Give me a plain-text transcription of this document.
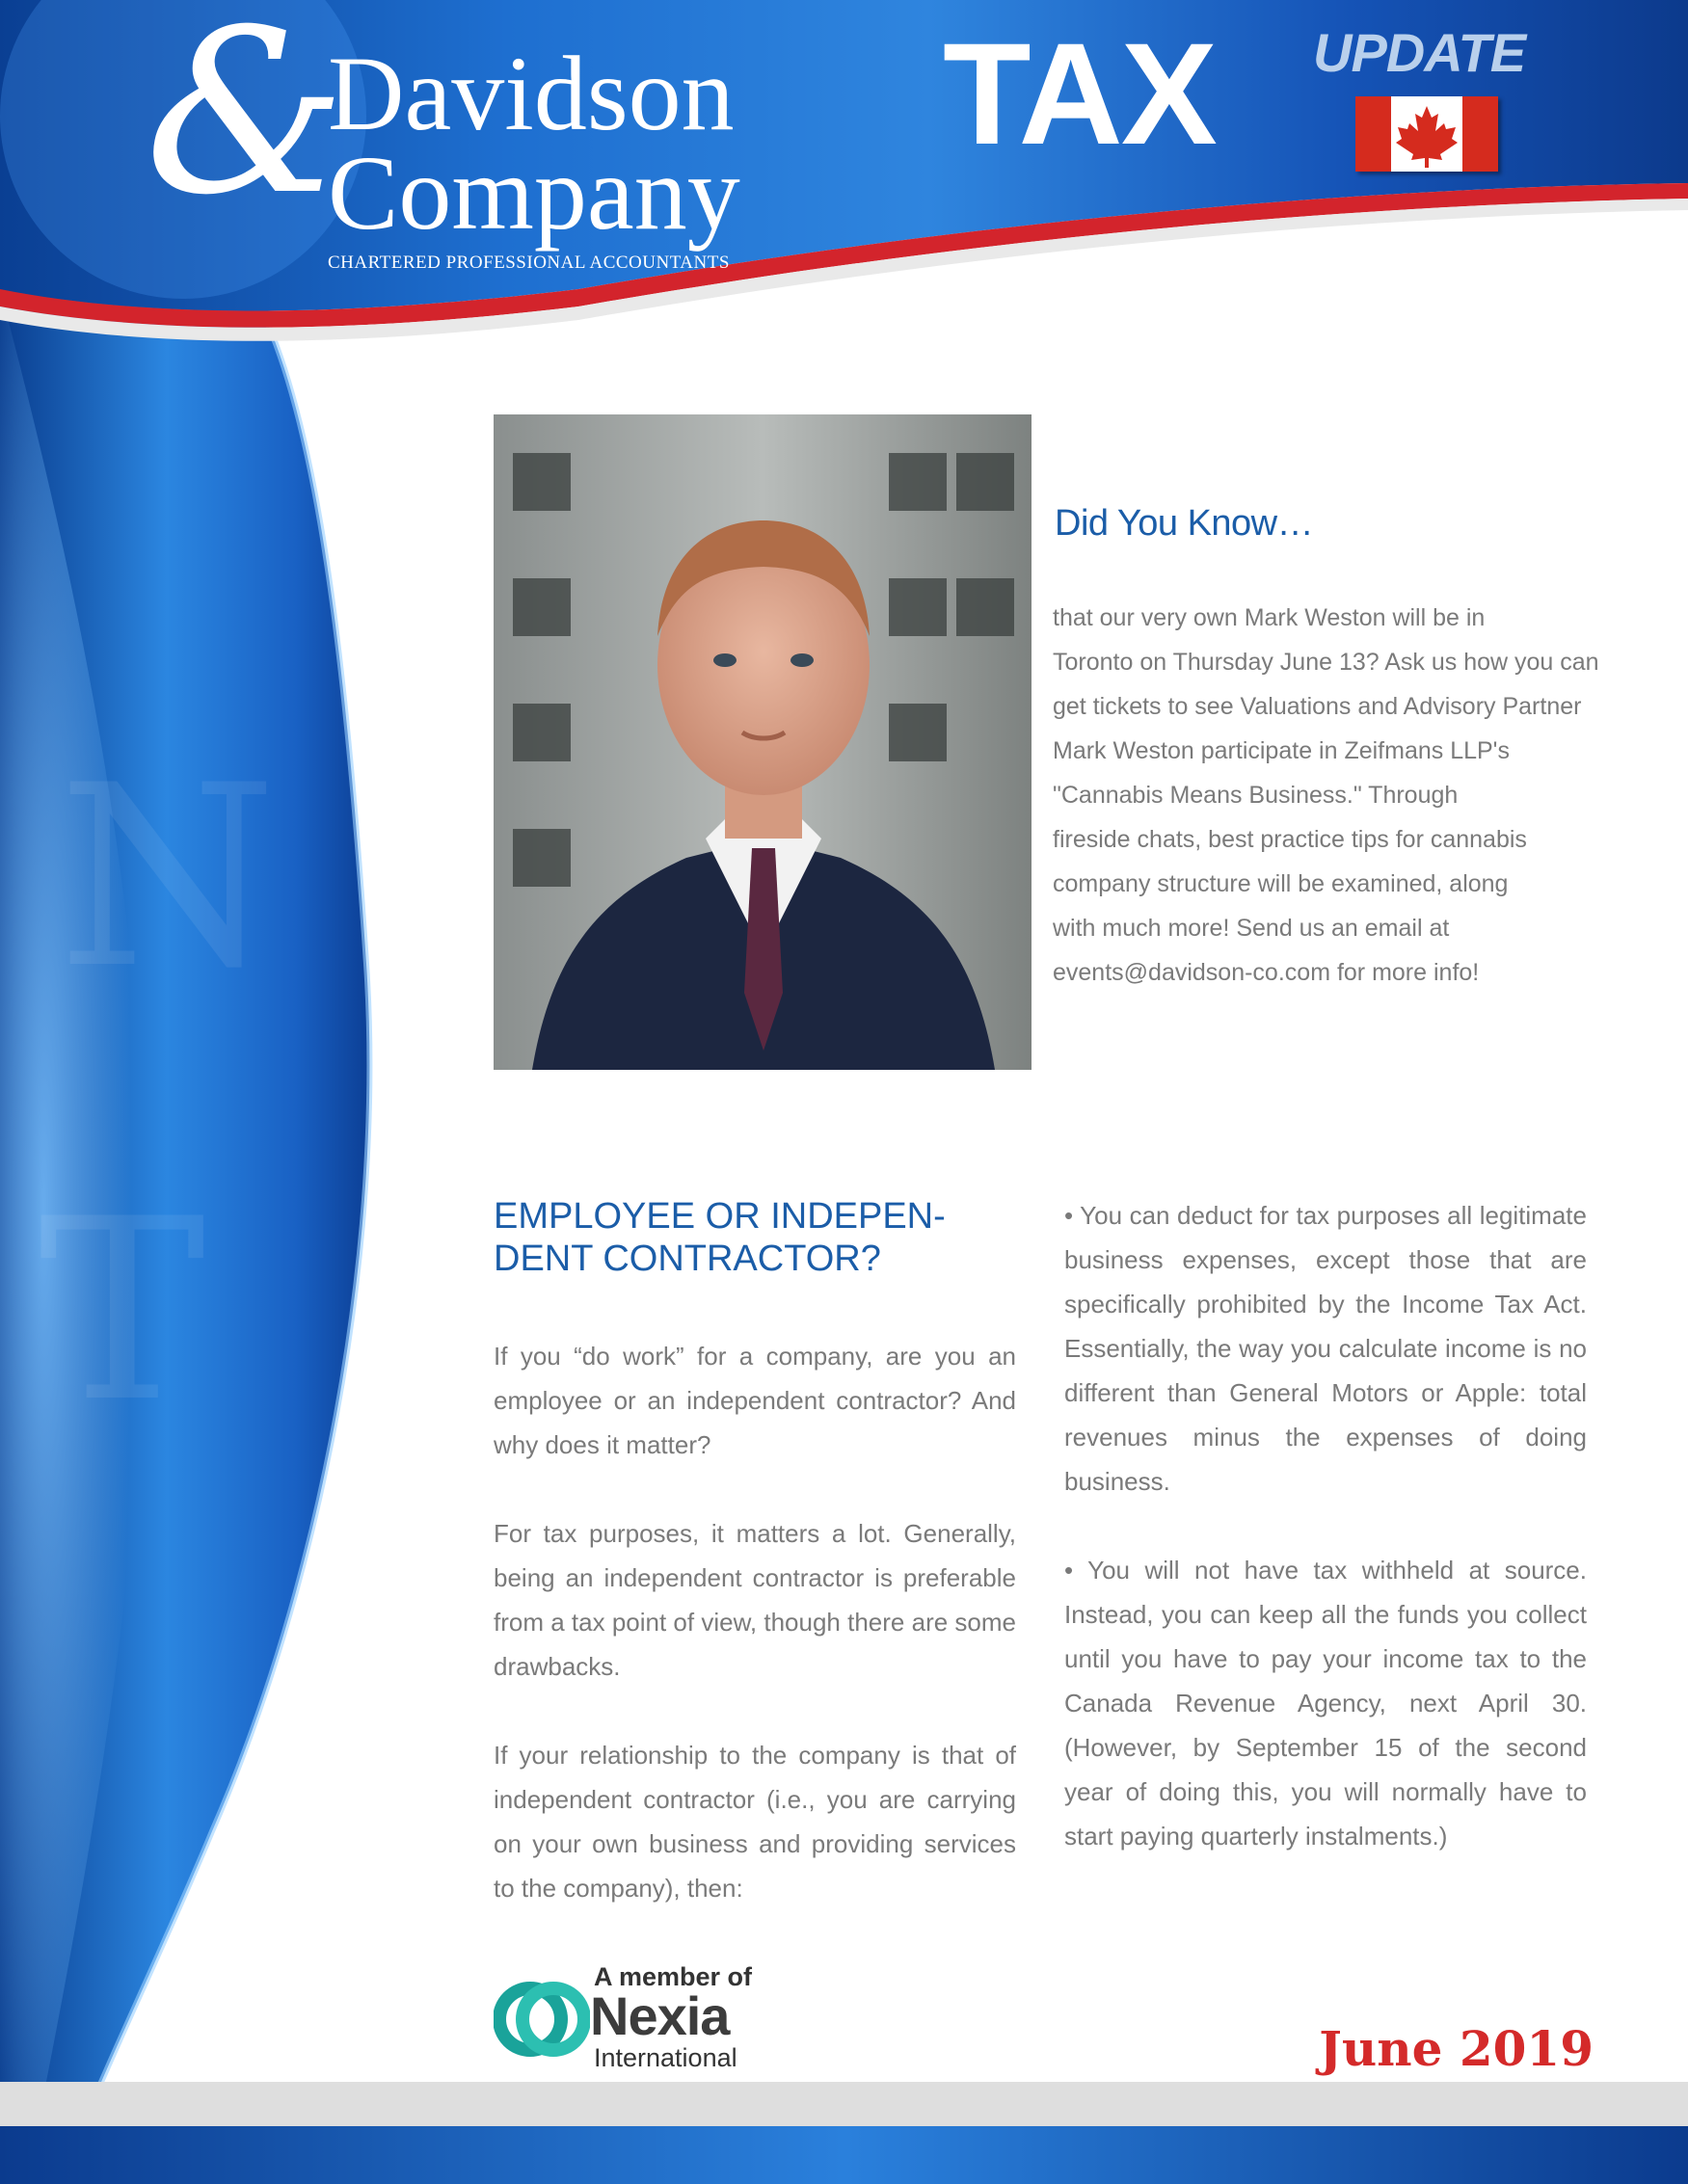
N
T
&
Davidson
Company
CHARTERED PROFESSIONAL ACCOUNTANTS
TAX UPDATE
Did You Know…
that our very own Mark Weston will be in
Toronto on Thursday June 13? Ask us how you can
get tickets to see Valuations and Advisory Partner
Mark Weston participate in Zeifmans LLP's
"Cannabis Means Business." Through
fireside chats, best practice tips for cannabis
company structure will be examined, along
with much more! Send us an email at
events@davidson-co.com for more info!
EMPLOYEE OR INDEPEN-
DENT CONTRACTOR?

If you “do work” for a company, are you an employee or an independent contractor? And why does it matter?

For tax purposes, it matters a lot. Generally, being an independent contractor is preferable from a tax point of view, though there are some drawbacks.

If your relationship to the company is that of independent contractor (i.e., you are carrying on your own business and providing services to the company), then:

• You can deduct for tax purposes all legitimate business expenses, except those that are specifically prohibited by the Income Tax Act. Essentially, the way you calculate income is no different than General Motors or Apple: total revenues minus the expenses of doing business.

• You will not have tax withheld at source. Instead, you can keep all the funds you collect until you have to pay your income tax to the Canada Revenue Agency, next April 30. (However, by September 15 of the second year of doing this, you will normally have to start paying quarterly instalments.)

A member of
Nexia
International	June 2019
